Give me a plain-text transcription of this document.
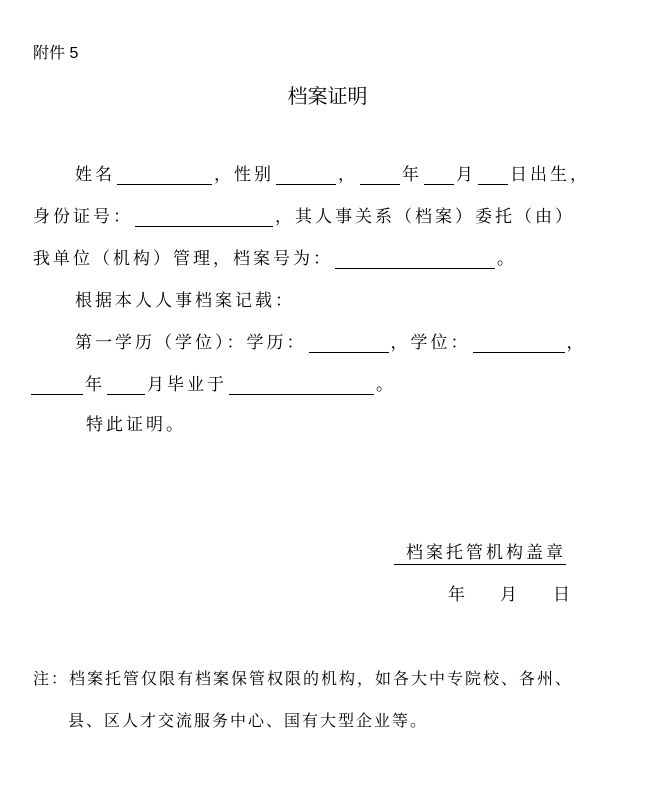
附件 5
档案证明
姓名	，性别	，	年 月 日出生，
身份证号：	，其人事关系（档案）委托（由）
我单位（机构）管理，档案号为：	。
根据本人人事档案记载：
第一学历（学位）：学历：	，学位：	，
年 月毕业于	。
特此证明。
档案托管机构盖章
年 月 日
注：档案托管仅限有档案保管权限的机构，如各大中专院校、各州、
县、区人才交流服务中心、国有大型企业等。
